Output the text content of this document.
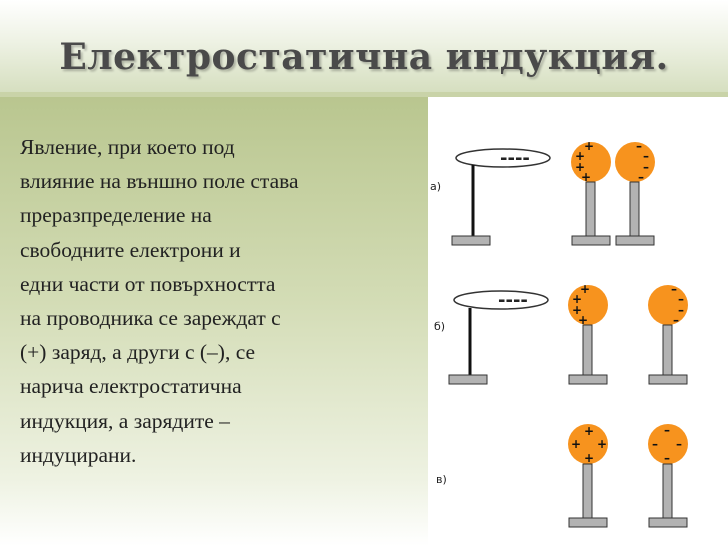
Електростатична индукция.
Явление, при което под
влияние на външно поле става
преразпределение на
свободните електрони и
едни части от повърхността
на проводника се зареждат с
(+) заряд, а други с (–), се
нарича електростатична
индукция, а зарядите –
индуцирани.
----
а)
+
+
+
+
–
–
–
–
----
б)
+
+
+
+
–
–
–
–
в)
+
+ +
+
–
– –
–
